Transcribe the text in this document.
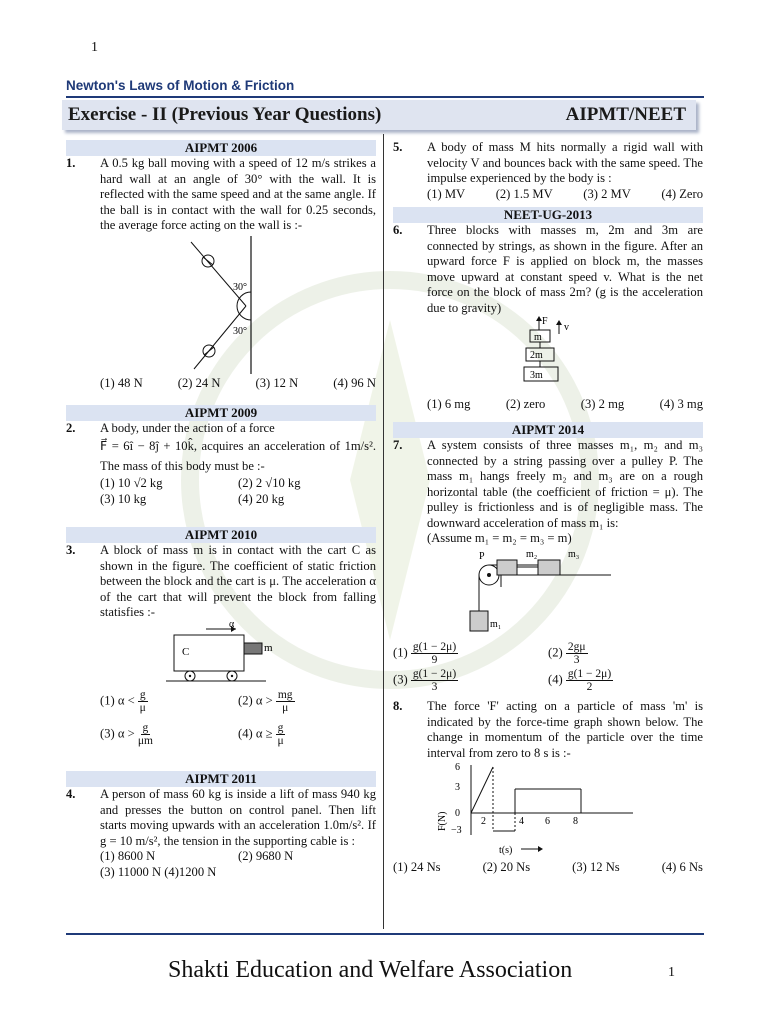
1
Newton's Laws of Motion & Friction
Exercise - II (Previous Year Questions)	AIPMT/NEET
AIPMT 2006
1.	A 0.5 kg ball moving with a speed of 12 m/s strikes a hard wall at an angle of 30° with the wall. It is reflected with the same speed and at the same angle. If the ball is in contact with the wall for 0.25 seconds, the average force acting on the wall is :-
30°
30°
(1) 48 N	(2) 24 N	(3) 12 N	(4) 96 N
AIPMT 2009
2.	A body, under the action of a force
F⃗ = 6î − 8ĵ + 10k̂, acquires an acceleration of 1m/s². The mass of this body must be :-
(1) 10 √2 kg	(2) 2 √10 kg
(3) 10 kg	(4) 20 kg
AIPMT 2010
3.	A block of mass m is in contact with the cart C as shown in the figure. The coefficient of static friction between the block and the cart is μ. The acceleration α of the cart that will prevent the block from falling statisfies :-
α
C	m
(1) $\alpha < \frac{g}{\mu}$	(2) $\alpha > \frac{mg}{\mu}$
(3) $\alpha > \frac{g}{\mu m}$	(4) $\alpha \ge \frac{g}{\mu}$
AIPMT 2011
4.	A person of mass 60 kg is inside a lift of mass 940 kg and presses the button on control panel. Then lift starts moving upwards with an acceleration 1.0m/s². If g = 10 m/s², the tension in the supporting cable is :
(1) 8600 N	(2) 9680 N
(3) 11000 N (4)1200 N
5.	A body of mass M hits normally a rigid wall with velocity V and bounces back with the same speed. The impulse experienced by the body is :
(1) MV (2) 1.5 MV (3) 2 MV (4) Zero
NEET-UG-2013
6.	Three blocks with masses m, 2m and 3m are connected by strings, as shown in the figure. After an upward force F is applied on block m, the masses move upward at constant speed v. What is the net force on the block of mass 2m? (g is the acceleration due to gravity)
F
v
m
2m
3m
(1) 6 mg	(2) zero	(3) 2 mg	(4) 3 mg
AIPMT 2014
7.	A system consists of three masses m₁, m₂ and m₃ connected by a string passing over a pulley P. The mass m₁ hangs freely m₂ and m₃ are on a rough horizontal table (the coefficient of friction = μ). The pulley is frictionless and is of negligible mass. The downward acceleration of mass m₁ is:
(Assume m₁ = m₂ = m₃ = m)
P	m₂	m₃
m₁
$(1) \frac{g(1 - 2\mu)}{9}$	$(2) \frac{2g\mu}{3}$
$(3) \frac{g(1 - 2\mu)}{3}$	$(4) \frac{g(1 - 2\mu)}{2}$
8.	The force 'F' acting on a particle of mass 'm' is indicated by the force-time graph shown below. The change in momentum of the particle over the time interval from zero to 8 s is :-
6
3
0
−3
F(N)	2	4 6 8
t(s)
(1) 24 Ns	(2) 20 Ns	(3) 12 Ns	(4) 6 Ns
Shakti Education and Welfare Association	1
